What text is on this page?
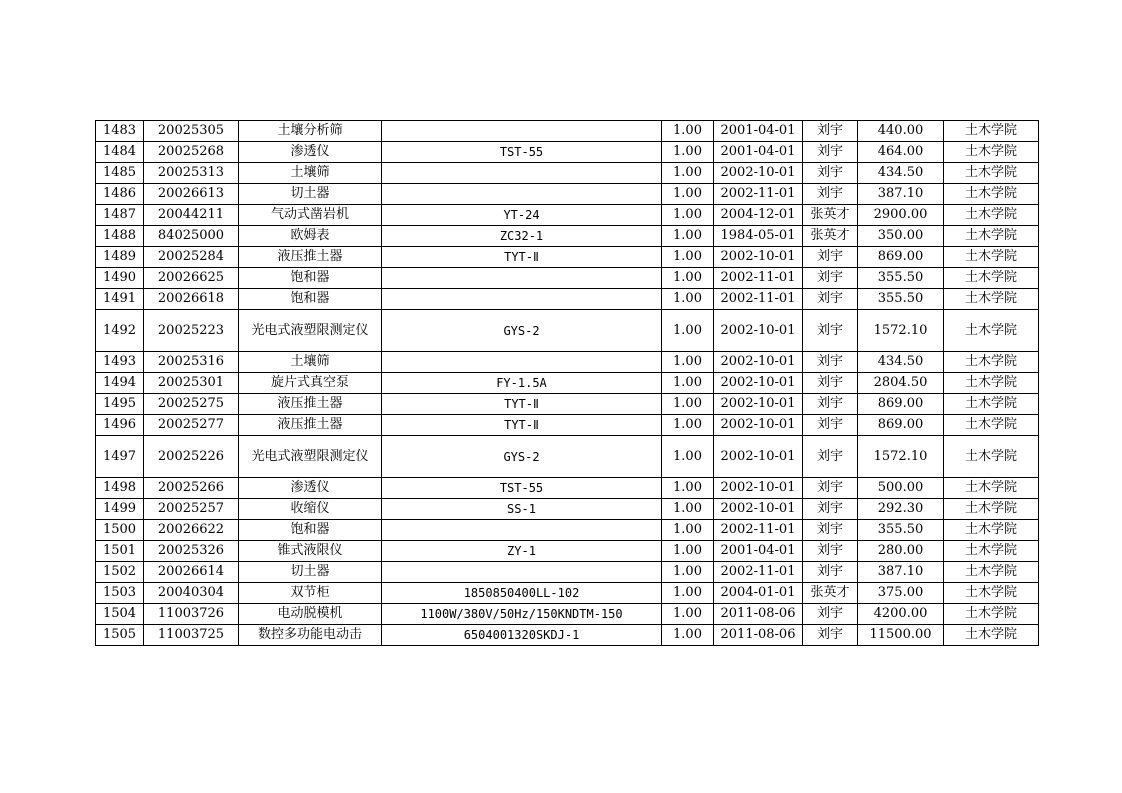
1483	20025305	土壤分析筛		1.00	2001-04-01	刘宇	440.00	土木学院
1484	20025268	渗透仪	TST-55	1.00	2001-04-01	刘宇	464.00	土木学院
1485	20025313	土壤筛		1.00	2002-10-01	刘宇	434.50	土木学院
1486	20026613	切土器		1.00	2002-11-01	刘宇	387.10	土木学院
1487	20044211	气动式凿岩机	YT-24	1.00	2004-12-01	张英才	2900.00	土木学院
1488	84025000	欧姆表	ZC32-1	1.00	1984-05-01	张英才	350.00	土木学院
1489	20025284	液压推土器	TYT-Ⅱ	1.00	2002-10-01	刘宇	869.00	土木学院
1490	20026625	饱和器		1.00	2002-11-01	刘宇	355.50	土木学院
1491	20026618	饱和器		1.00	2002-11-01	刘宇	355.50	土木学院
1492	20025223	光电式液塑限测定仪	GYS-2	1.00	2002-10-01	刘宇	1572.10	土木学院
1493	20025316	土壤筛		1.00	2002-10-01	刘宇	434.50	土木学院
1494	20025301	旋片式真空泵	FY-1.5A	1.00	2002-10-01	刘宇	2804.50	土木学院
1495	20025275	液压推土器	TYT-Ⅱ	1.00	2002-10-01	刘宇	869.00	土木学院
1496	20025277	液压推土器	TYT-Ⅱ	1.00	2002-10-01	刘宇	869.00	土木学院
1497	20025226	光电式液塑限测定仪	GYS-2	1.00	2002-10-01	刘宇	1572.10	土木学院
1498	20025266	渗透仪	TST-55	1.00	2002-10-01	刘宇	500.00	土木学院
1499	20025257	收缩仪	SS-1	1.00	2002-10-01	刘宇	292.30	土木学院
1500	20026622	饱和器		1.00	2002-11-01	刘宇	355.50	土木学院
1501	20025326	锥式液限仪	ZY-1	1.00	2001-04-01	刘宇	280.00	土木学院
1502	20026614	切土器		1.00	2002-11-01	刘宇	387.10	土木学院
1503	20040304	双节柜	1850850400LL-102	1.00	2004-01-01	张英才	375.00	土木学院
1504	11003726	电动脱模机	1100W/380V/50Hz/150KNDTM-150	1.00	2011-08-06	刘宇	4200.00	土木学院
1505	11003725	数控多功能电动击	6504001320SKDJ-1	1.00	2011-08-06	刘宇	11500.00	土木学院
